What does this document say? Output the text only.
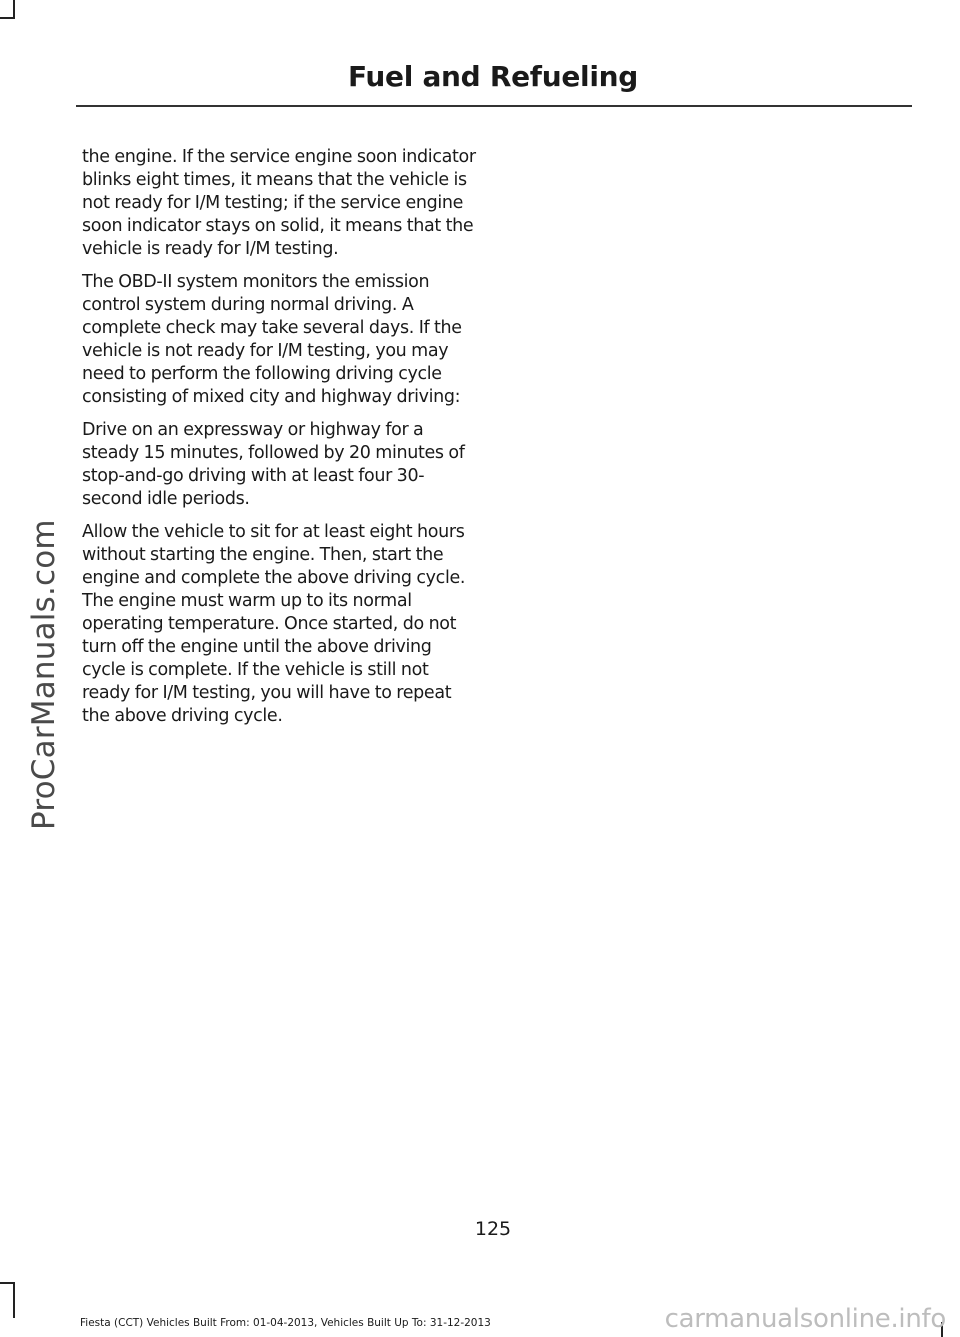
Fuel and Refueling

the engine. If the service engine soon indicator blinks eight times, it means that the vehicle is not ready for I/M testing; if the service engine soon indicator stays on solid, it means that the vehicle is ready for I/M testing.

The OBD-II system monitors the emission control system during normal driving. A complete check may take several days. If the vehicle is not ready for I/M testing, you may need to perform the following driving cycle consisting of mixed city and highway driving:

Drive on an expressway or highway for a steady 15 minutes, followed by 20 minutes of stop-and-go driving with at least four 30-second idle periods.

Allow the vehicle to sit for at least eight hours without starting the engine. Then, start the engine and complete the above driving cycle. The engine must warm up to its normal operating temperature. Once started, do not turn off the engine until the above driving cycle is complete. If the vehicle is still not ready for I/M testing, you will have to repeat the above driving cycle.

ProCarManuals.com
125
Fiesta (CCT) Vehicles Built From: 01-04-2013, Vehicles Built Up To: 31-12-2013	carmanualsonline.info
